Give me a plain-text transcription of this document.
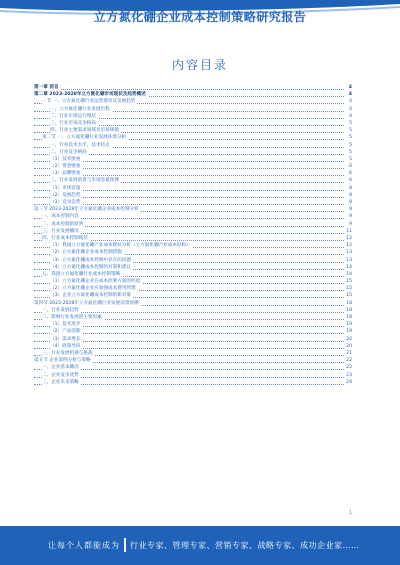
立方氮化硼企业成本控制策略研究报告
内容目录
第一章 前言	4
第二章 2023-2028年立方氮化硼市场现状及趋势概述	4
一节 一、立方氮化硼行业运营情况及发展趋势	4
一、立方氮化硼行业发展历程	4
二、行业市场运行现状	4
三、行业市场竞争格局	5
四、行业主要需求领域及市场规模	5
第二节 一、立方氮化硼行业发展环境分析	5
一、行业技术水平、技术特点	5
二、行业竞争格局	5
（1）技术壁垒	5
（2）资金壁垒	6
（3）品牌壁垒	6
三、行业发展前景与市场容量预测	6
（1）市场容量	8
（2）发展趋势	8
（3）竞争态势	9
第三节 2023-2028年立方氮化硼企业成本控制分析	9
一、成本控制内容	9
二、成本控制的原则	9
三、行业发展概况	11
四、行业成本控制现状	12
（1）我国立方氮化硼产业成本现状分析（立方氮化硼产业成本结构）	12
（2）立方氮化硼企业成本控制措施	13
（3）立方氮化硼成本控制中存在的问题	13
（4）立方氮化硼成本控制的对策和建议	14
五、我国立方氮化硼行业成本控制策略	14
（1）立方氮化硼企业在成本控制方面的经验	15
（2）立方氮化硼企业应加强成本费用管理	15
（3）企业立方氮化硼成本控制的新对策	15
第四节 2023-2028年立方氮化硼行业发展前景预测	18
一、行业发展趋势	18
二、影响行业发展的主要因素	18
（1）技术进步	19
（2）产品创新	19
（3）需求增长	20
（4）政策导向	20
三、行业发展机遇与挑战	21
第五节 企业案例分析与策略	22
一、企业基本概况	22
二、企业竞争优势	23
三、企业未来策略	24
1
让每个人都能成为 行业专家、管理专家、营销专家、战略专家、成功企业家……
